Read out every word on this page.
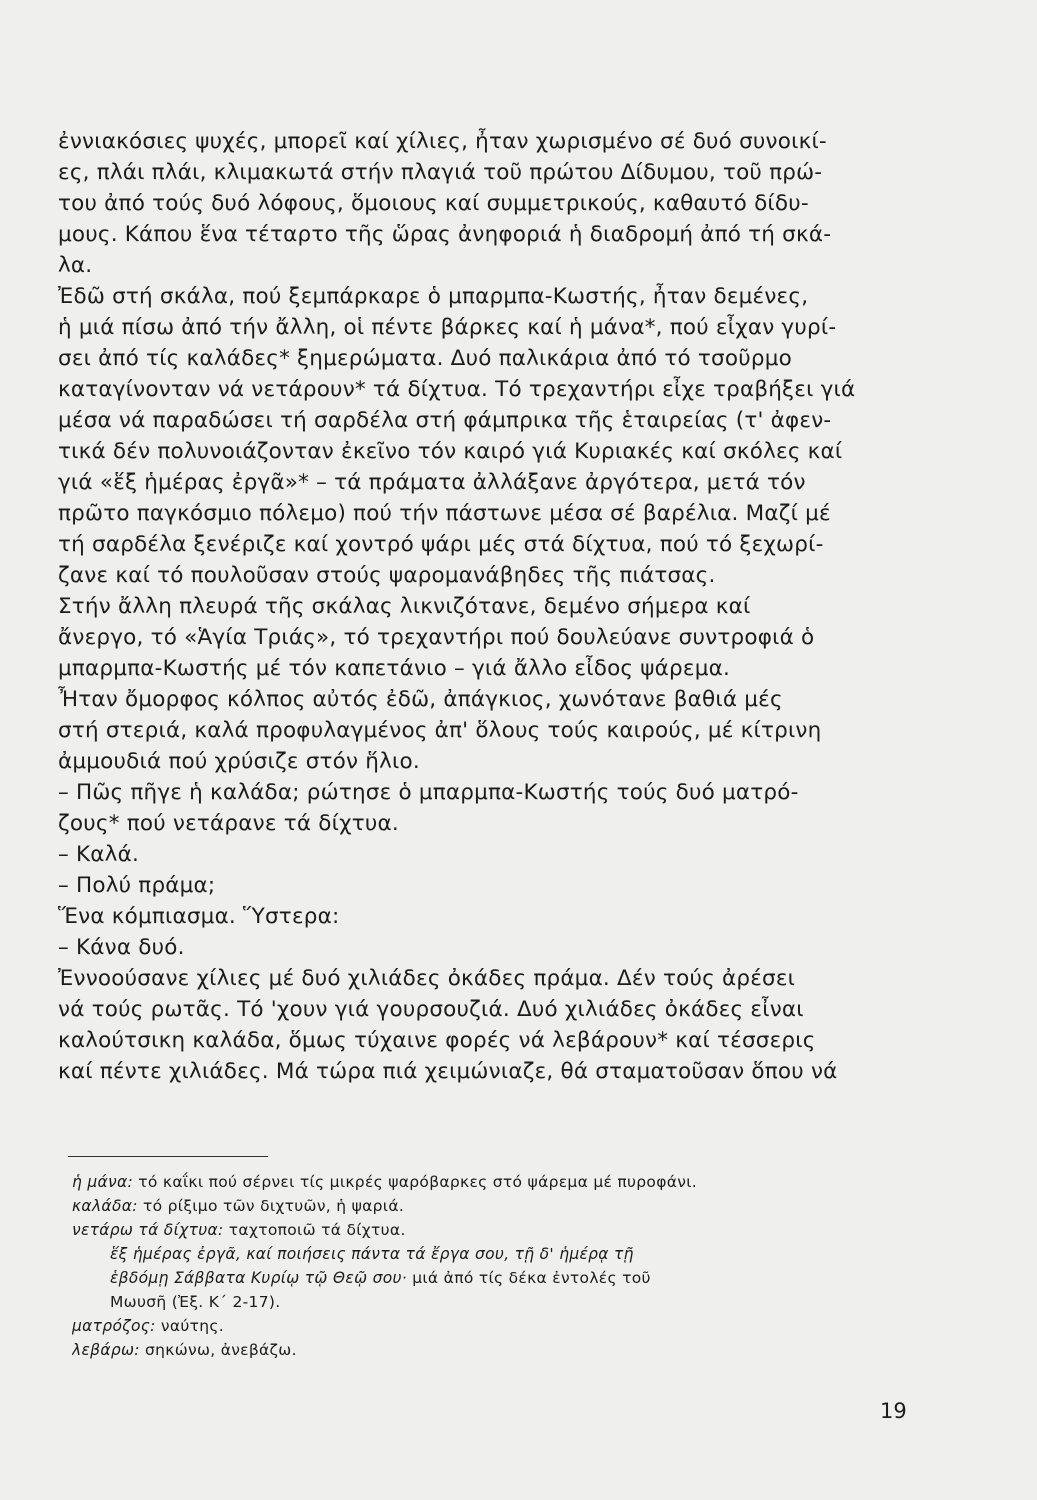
ἐννιακόσιες ψυχές, μπορεῖ καί χίλιες, ἦταν χωρισμένο σέ δυό συνοικί-
ες, πλάι πλάι, κλιμακωτά στήν πλαγιά τοῦ πρώτου Δίδυμου, τοῦ πρώ-
του ἀπό τούς δυό λόφους, ὅμοιους καί συμμετρικούς, καθαυτό δίδυ-
μους. Κάπου ἕνα τέταρτο τῆς ὥρας ἀνηφοριά ἡ διαδρομή ἀπό τή σκά-
λα.
Ἐδῶ στή σκάλα, πού ξεμπάρκαρε ὁ μπαρμπα-Κωστής, ἦταν δεμένες,
ἡ μιά πίσω ἀπό τήν ἄλλη, οἱ πέντε βάρκες καί ἡ μάνα*, πού εἶχαν γυρί-
σει ἀπό τίς καλάδες* ξημερώματα. Δυό παλικάρια ἀπό τό τσοῦρμο
καταγίνονταν νά νετάρουν* τά δίχτυα. Τό τρεχαντήρι εἶχε τραβήξει γιά
μέσα νά παραδώσει τή σαρδέλα στή φάμπρικα τῆς ἑταιρείας (τ' ἀφεν-
τικά δέν πολυνοιάζονταν ἐκεῖνο τόν καιρό γιά Κυριακές καί σκόλες καί
γιά «ἕξ ἡμέρας ἐργᾶ»* – τά πράματα ἀλλάξανε ἀργότερα, μετά τόν
πρῶτο παγκόσμιο πόλεμο) πού τήν πάστωνε μέσα σέ βαρέλια. Μαζί μέ
τή σαρδέλα ξενέριζε καί χοντρό ψάρι μές στά δίχτυα, πού τό ξεχωρί-
ζανε καί τό πουλοῦσαν στούς ψαρομανάβηδες τῆς πιάτσας.
Στήν ἄλλη πλευρά τῆς σκάλας λικνιζότανε, δεμένο σήμερα καί
ἄνεργο, τό «Ἁγία Τριάς», τό τρεχαντήρι πού δουλεύανε συντροφιά ὁ
μπαρμπα-Κωστής μέ τόν καπετάνιο – γιά ἄλλο εἶδος ψάρεμα.
Ἦταν ὄμορφος κόλπος αὐτός ἐδῶ, ἀπάγκιος, χωνότανε βαθιά μές
στή στεριά, καλά προφυλαγμένος ἀπ' ὅλους τούς καιρούς, μέ κίτρινη
ἀμμουδιά πού χρύσιζε στόν ἥλιο.
– Πῶς πῆγε ἡ καλάδα; ρώτησε ὁ μπαρμπα-Κωστής τούς δυό ματρό-
ζους* πού νετάρανε τά δίχτυα.
– Καλά.
– Πολύ πράμα;
Ἕνα κόμπιασμα. Ὕστερα:
– Κάνα δυό.
Ἐννοούσανε χίλιες μέ δυό χιλιάδες ὀκάδες πράμα. Δέν τούς ἀρέσει
νά τούς ρωτᾶς. Τό 'χουν γιά γουρσουζιά. Δυό χιλιάδες ὀκάδες εἶναι
καλούτσικη καλάδα, ὅμως τύχαινε φορές νά λεβάρουν* καί τέσσερις
καί πέντε χιλιάδες. Μά τώρα πιά χειμώνιαζε, θά σταματοῦσαν ὅπου νά
ἡ μάνα: τό καΐκι πού σέρνει τίς μικρές ψαρόβαρκες στό ψάρεμα μέ πυροφάνι.
καλάδα: τό ρίξιμο τῶν διχτυῶν, ἡ ψαριά.
νετάρω τά δίχτυα: ταχτοποιῶ τά δίχτυα.
ἕξ ἡμέρας ἐργᾶ, καί ποιήσεις πάντα τά ἔργα σου, τῇ δ' ἡμέρᾳ τῇ
ἑβδόμῃ Σάββατα Κυρίῳ τῷ Θεῷ σου· μιά ἀπό τίς δέκα ἐντολές τοῦ
Μωυσῆ (Ἐξ. Κ΄ 2-17).
ματρόζος: ναύτης.
λεβάρω: σηκώνω, ἀνεβάζω.
19
